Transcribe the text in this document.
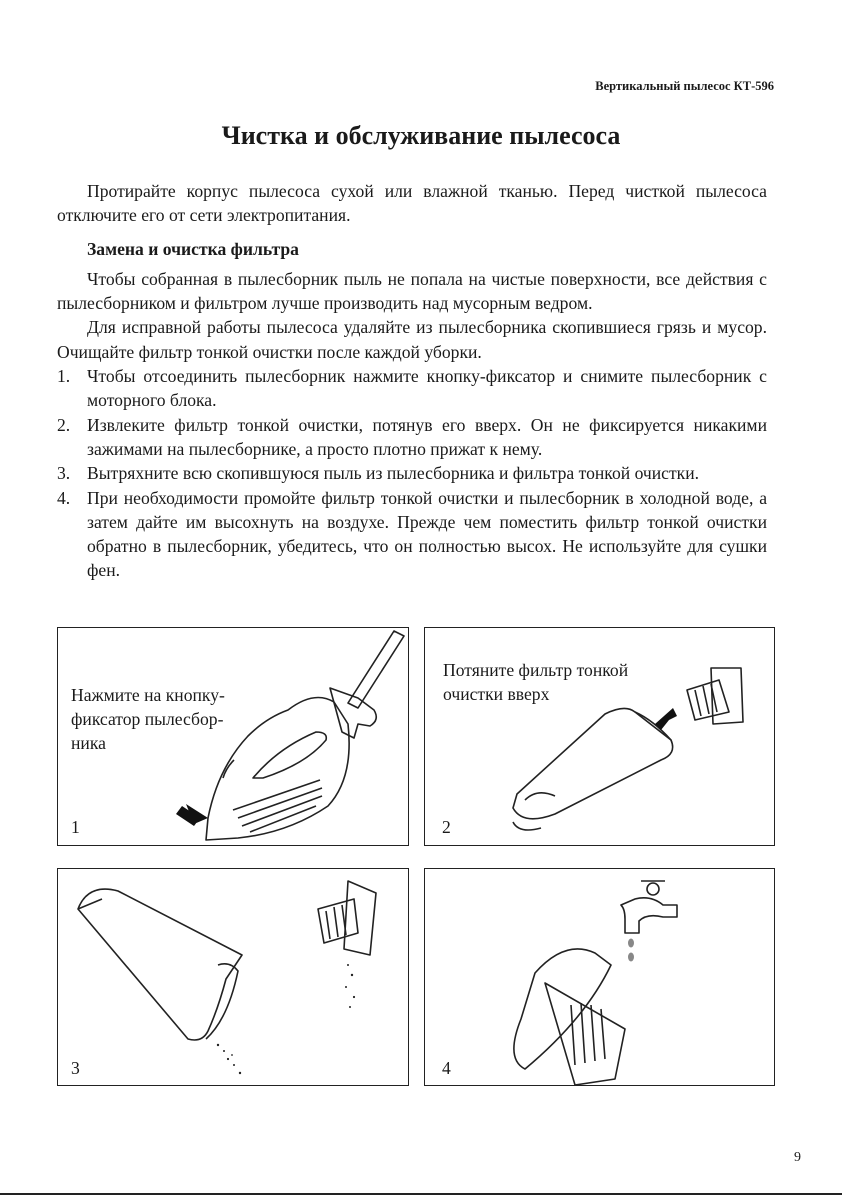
Вертикальный пылесос КТ-596
Чистка и обслуживание пылесоса

Протирайте корпус пылесоса сухой или влажной тканью. Перед чисткой пылесоса отключите его от сети электропитания.

Замена и очистка фильтра

Чтобы собранная в пылесборник пыль не попала на чистые поверхности, все действия с пылесборником и фильтром лучше производить над мусорным ведром.

Для исправной работы пылесоса удаляйте из пылесборника скопившиеся грязь и мусор. Очищайте фильтр тонкой очистки после каждой уборки.

1. Чтобы отсоединить пылесборник нажмите кнопку-фиксатор и снимите пылесборник с моторного блока.
2. Извлеките фильтр тонкой очистки, потянув его вверх. Он не фиксируется никакими зажимами на пылесборнике, а просто плотно прижат к нему.
3. Вытряхните всю скопившуюся пыль из пылесборника и фильтра тонкой очистки.
4. При необходимости промойте фильтр тонкой очистки и пылесборник в холодной воде, а затем дайте им высохнуть на воздухе. Прежде чем поместить фильтр тонкой очистки обратно в пылесборник, убедитесь, что он полностью высох. Не используйте для сушки фен.
Нажмите на кнопку-
фиксатор пылесбор-
ника
1
Потяните фильтр тонкой
очистки вверх
2
3	4
9
